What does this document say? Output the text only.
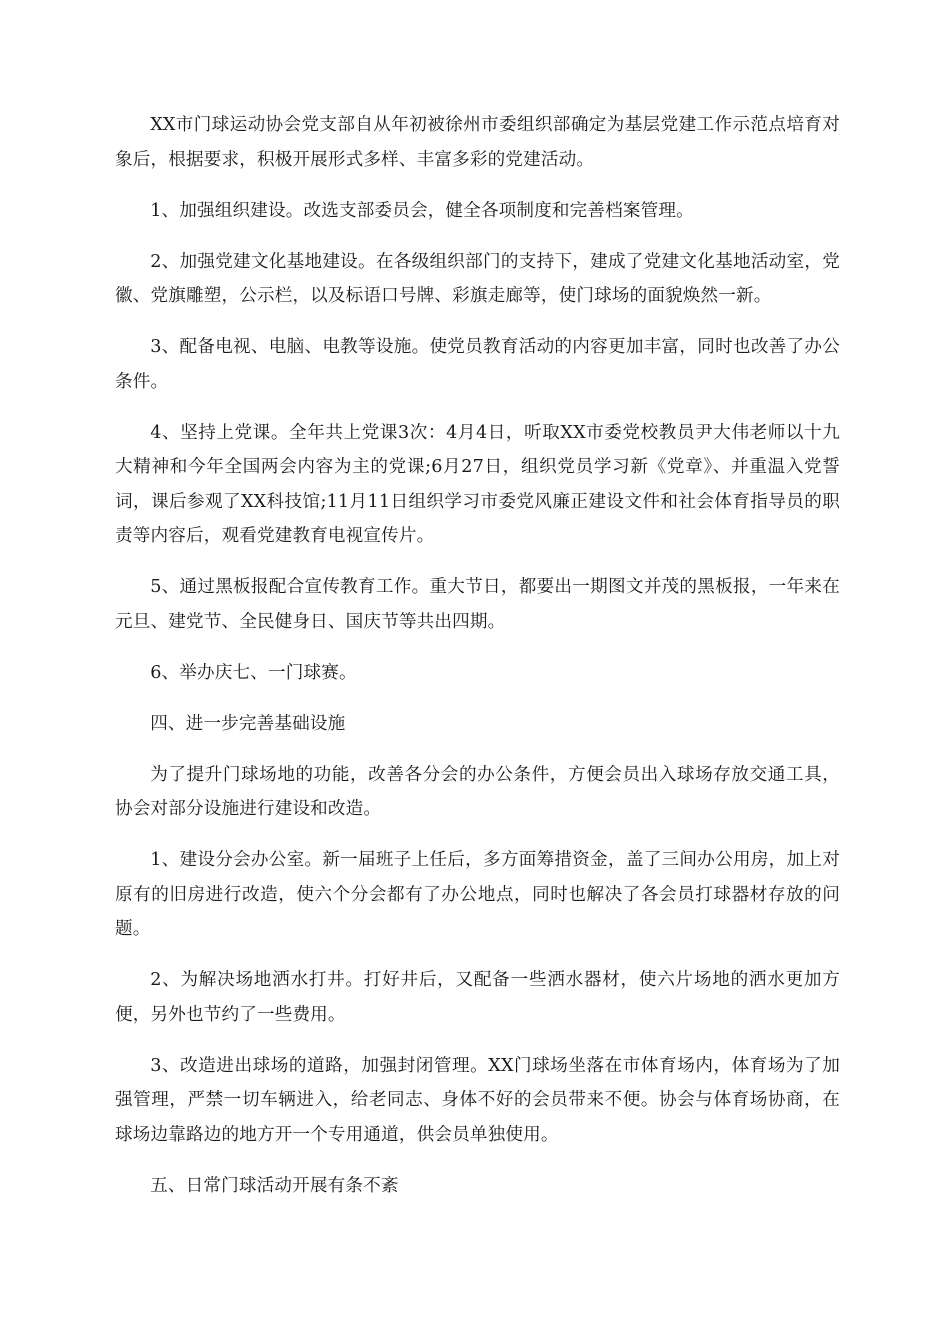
XX市门球运动协会党支部自从年初被徐州市委组织部确定为基层党建工作示范点培育对象后，根据要求，积极开展形式多样、丰富多彩的党建活动。

1、加强组织建设。改选支部委员会，健全各项制度和完善档案管理。

2、加强党建文化基地建设。在各级组织部门的支持下，建成了党建文化基地活动室，党徽、党旗雕塑，公示栏，以及标语口号牌、彩旗走廊等，使门球场的面貌焕然一新。

3、配备电视、电脑、电教等设施。使党员教育活动的内容更加丰富，同时也改善了办公条件。

4、坚持上党课。全年共上党课3次：4月4日，听取XX市委党校教员尹大伟老师以十九大精神和今年全国两会内容为主的党课;6月27日，组织党员学习新《党章》、并重温入党誓词，课后参观了XX科技馆;11月11日组织学习市委党风廉正建设文件和社会体育指导员的职责等内容后，观看党建教育电视宣传片。

5、通过黑板报配合宣传教育工作。重大节日，都要出一期图文并茂的黑板报，一年来在元旦、建党节、全民健身日、国庆节等共出四期。

6、举办庆七、一门球赛。

四、进一步完善基础设施

为了提升门球场地的功能，改善各分会的办公条件，方便会员出入球场存放交通工具，协会对部分设施进行建设和改造。

1、建设分会办公室。新一届班子上任后，多方面筹措资金，盖了三间办公用房，加上对原有的旧房进行改造，使六个分会都有了办公地点，同时也解决了各会员打球器材存放的问题。

2、为解决场地洒水打井。打好井后，又配备一些洒水器材，使六片场地的洒水更加方便，另外也节约了一些费用。

3、改造进出球场的道路，加强封闭管理。XX门球场坐落在市体育场内，体育场为了加强管理，严禁一切车辆进入，给老同志、身体不好的会员带来不便。协会与体育场协商，在球场边靠路边的地方开一个专用通道，供会员单独使用。

五、日常门球活动开展有条不紊
